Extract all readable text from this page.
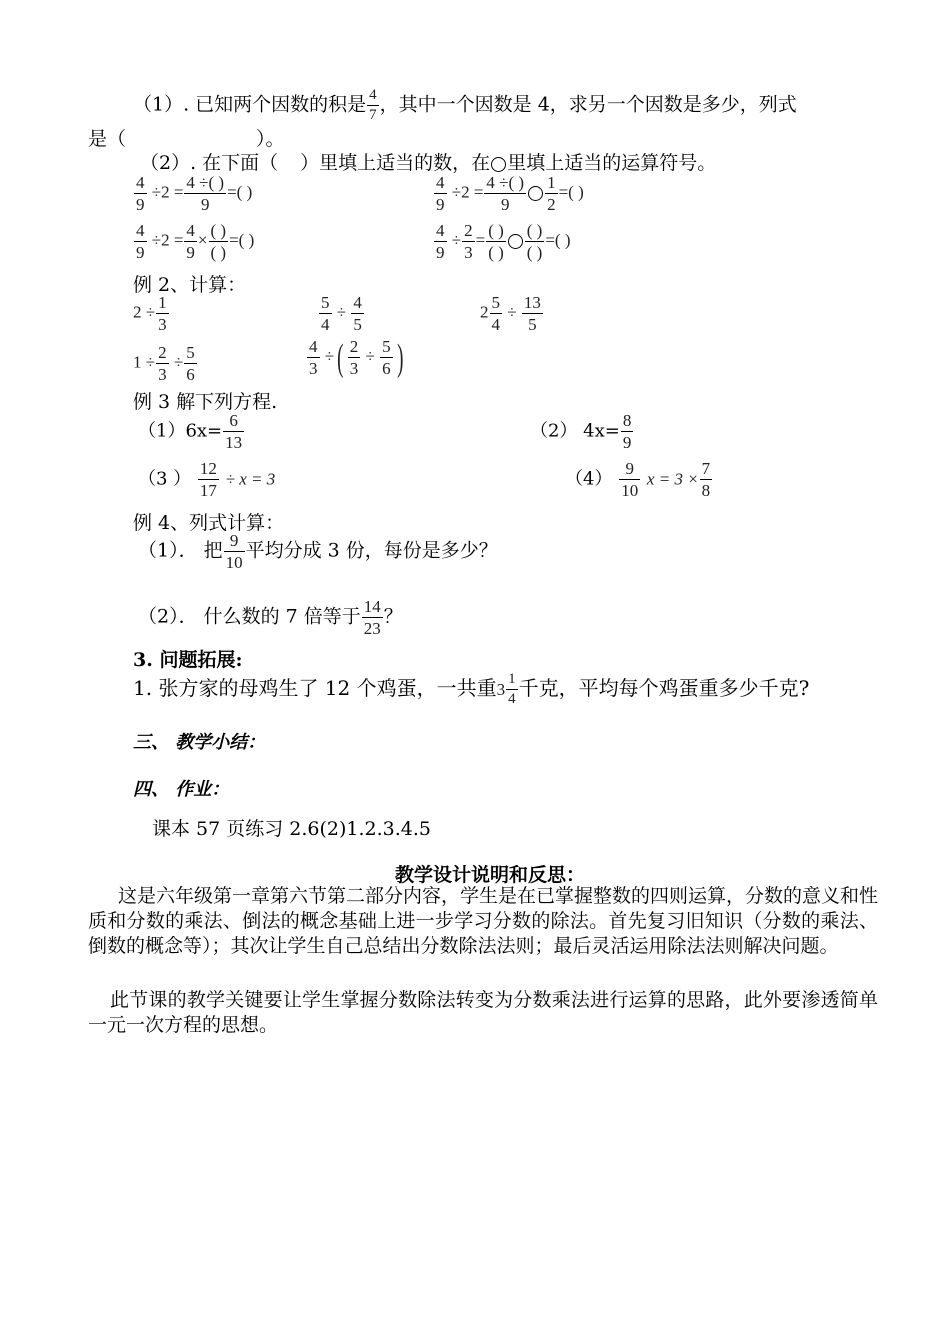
（1）. 已知两个因数的积是 $\frac{4}{7}$ ，其中一个因数是 4，求另一个因数是多少，列式
是（	）。
（2）. 在下面（ ）里填上适当的数，在 里填上适当的运算符号。
$\frac{4}{9} \div 2 = \frac{4 \div( )}{9}$ =( )	$\frac{4}{9} \div 2 = \frac{4 \div( )}{9} \frac{1}{2}$ =( )
$\frac{4}{9} \div 2 = \frac{4}{9} \times \frac{( )}{( )}$ =( )	$\frac{4}{9} \div \frac{2}{3} = \frac{( )}{( )} \frac{( )}{( )}$ =( )
例 2、计算：
$2 \div \frac{1}{3}$	$\frac{5}{4} \div \frac{4}{5}$	$2 \frac{5}{4} \div \frac{13}{5}$
$1 \div \frac{2}{3} \div \frac{5}{6}$	$\frac{4}{3}$ ÷( $\frac{2}{3} \div \frac{5}{6}$ )
例 3 解下列方程.
$(1)6x= \frac{6}{13}$	（2） $4x= \frac{8}{9}$
（3 ） $\frac{12}{17} \div x = 3$	$(4) \frac{9}{10}$ $x = 3 \times \frac{7}{8}$
例 4、列式计算：
（1）． 把 $\frac{9}{10}$ 平均分成 3 份，每份是多少？
（2）． 什么数的 7 倍等于 $\frac{14}{23}$ ？
3. 问题拓展:
1. 张方家的母鸡生了 12 个鸡蛋，一共重$3 \frac{1}{4}$ 千克，平均每个鸡蛋重多少千克?
三、 教学小结：
四、 作业：
课本 57 页练习 2.6(2)1.2.3.4.5
教学设计说明和反思：
这是六年级第一章第六节第二部分内容，学生是在已掌握整数的四则运算，分数的意义和性质和分数的乘法、倒法的概念基础上进一步学习分数的除法。首先复习旧知识（分数的乘法、倒数的概念等）；其次让学生自己总结出分数除法法则；最后灵活运用除法法则解决问题。
此节课的教学关键要让学生掌握分数除法转变为分数乘法进行运算的思路，此外要渗透简单一元一次方程的思想。
